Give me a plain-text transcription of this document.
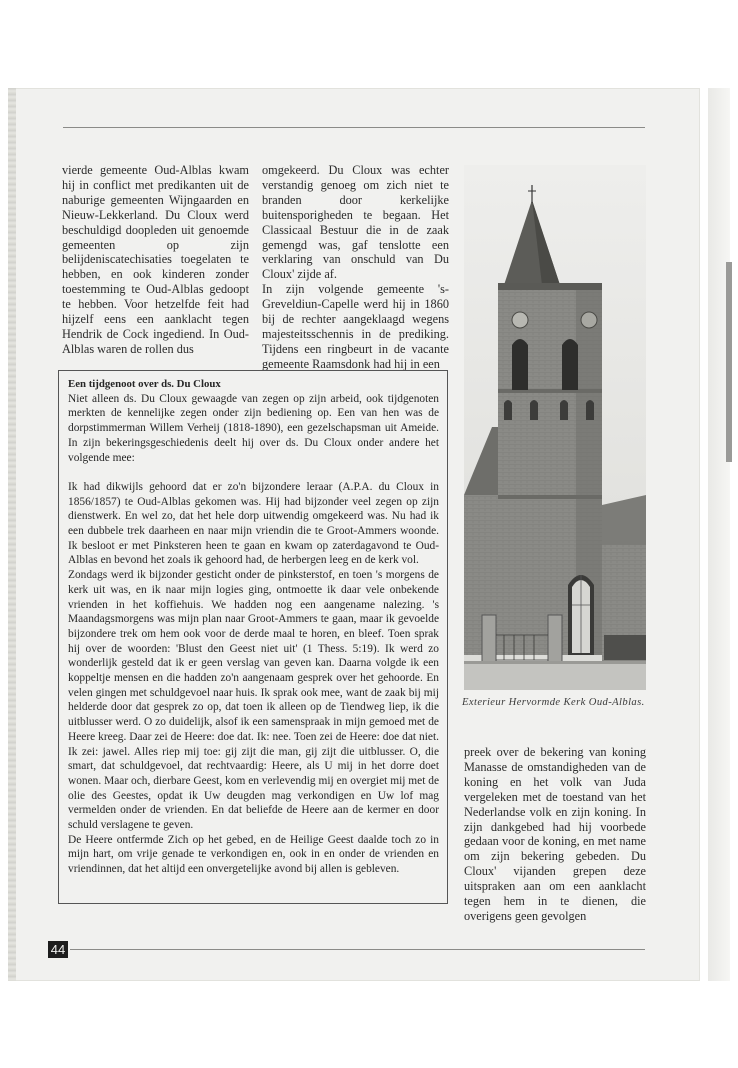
vierde gemeente Oud-Alblas kwam hij in conflict met predikanten uit de naburige gemeenten Wijngaarden en Nieuw-Lekkerland. Du Cloux werd beschuldigd doopleden uit genoemde gemeenten op zijn belijdeniscatechisaties toegelaten te hebben, en ook kinderen zonder toestemming te Oud-Alblas gedoopt te hebben. Voor hetzelfde feit had hijzelf eens een aanklacht tegen Hendrik de Cock ingediend. In Oud-Alblas waren de rollen dus

omgekeerd. Du Cloux was echter verstandig genoeg om zich niet te branden door kerkelijke buitensporigheden te begaan. Het Classicaal Bestuur die in de zaak gemengd was, gaf tenslotte een verklaring van onschuld van Du Cloux' zijde af.

In zijn volgende gemeente 's-Greveldiun-Capelle werd hij in 1860 bij de rechter aangeklaagd wegens majesteitsschennis in de prediking. Tijdens een ringbeurt in de vacante gemeente Raamsdonk had hij in een

Een tijdgenoot over ds. Du Cloux

Niet alleen ds. Du Cloux gewaagde van zegen op zijn arbeid, ook tijdgenoten merkten de kennelijke zegen onder zijn bediening op. Een van hen was de dorpstimmerman Willem Verheij (1818-1890), een gezelschapsman uit Ameide. In zijn bekeringsgeschiedenis deelt hij over ds. Du Cloux onder andere het volgende mee:

Ik had dikwijls gehoord dat er zo'n bijzondere leraar (A.P.A. du Cloux in 1856/1857) te Oud-Alblas gekomen was. Hij had bijzonder veel zegen op zijn dienstwerk. En wel zo, dat het hele dorp uitwendig omgekeerd was. Nu had ik een dubbele trek daarheen en naar mijn vriendin die te Groot-Ammers woonde. Ik besloot er met Pinksteren heen te gaan en kwam op zaterdagavond te Oud-Alblas en bevond het zoals ik gehoord had, de herbergen leeg en de kerk vol.

Zondags werd ik bijzonder gesticht onder de pinksterstof, en toen 's morgens de kerk uit was, en ik naar mijn logies ging, ontmoette ik daar vele onbekende vrienden in het koffiehuis. We hadden nog een aangename nalezing. 's Maandagsmorgens was mijn plan naar Groot-Ammers te gaan, maar ik gevoelde bijzondere trek om hem ook voor de derde maal te horen, en bleef. Toen sprak hij over de woorden: 'Blust den Geest niet uit' (1 Thess. 5:19). Ik werd zo wonderlijk gesteld dat ik er geen verslag van geven kan. Daarna volgde ik een koppeltje mensen en die hadden zo'n aangenaam gesprek over het gehoorde. En velen gingen met schuldgevoel naar huis. Ik sprak ook mee, want de zaak bij mij helderde door dat gesprek zo op, dat toen ik alleen op de Tiendweg liep, ik die uitblusser werd. O zo duidelijk, alsof ik een samenspraak in mijn gemoed met de Heere kreeg. Daar zei de Heere: doe dat. Ik: nee. Toen zei de Heere: doe dat niet. Ik zei: jawel. Alles riep mij toe: gij zijt die man, gij zijt die uitblusser. O, die smart, dat schuldgevoel, dat rechtvaardig: Heere, als U mij in het dorre doet wonen. Maar och, dierbare Geest, kom en verlevendig mij en overgiet mij met de olie des Geestes, opdat ik Uw deugden mag verkondigen en Uw lof mag vermelden onder de vrienden. En dat beliefde de Heere aan de kermer en door schuld verslagene te geven.

De Heere ontfermde Zich op het gebed, en de Heilige Geest daalde toch zo in mijn hart, om vrije genade te verkondigen en, ook in en onder de vrienden en vriendinnen, dat het altijd een onvergetelijke avond bij allen is gebleven.

Exterieur Hervormde Kerk Oud-Alblas.

preek over de bekering van koning Manasse de omstandigheden van de koning en het volk van Juda vergeleken met de toestand van het Nederlandse volk en zijn koning. In zijn dankgebed had hij voorbede gedaan voor de koning, en met name om zijn bekering gebeden. Du Cloux' vijanden grepen deze uitspraken aan om een aanklacht tegen hem in te dienen, die overigens geen gevolgen

44
